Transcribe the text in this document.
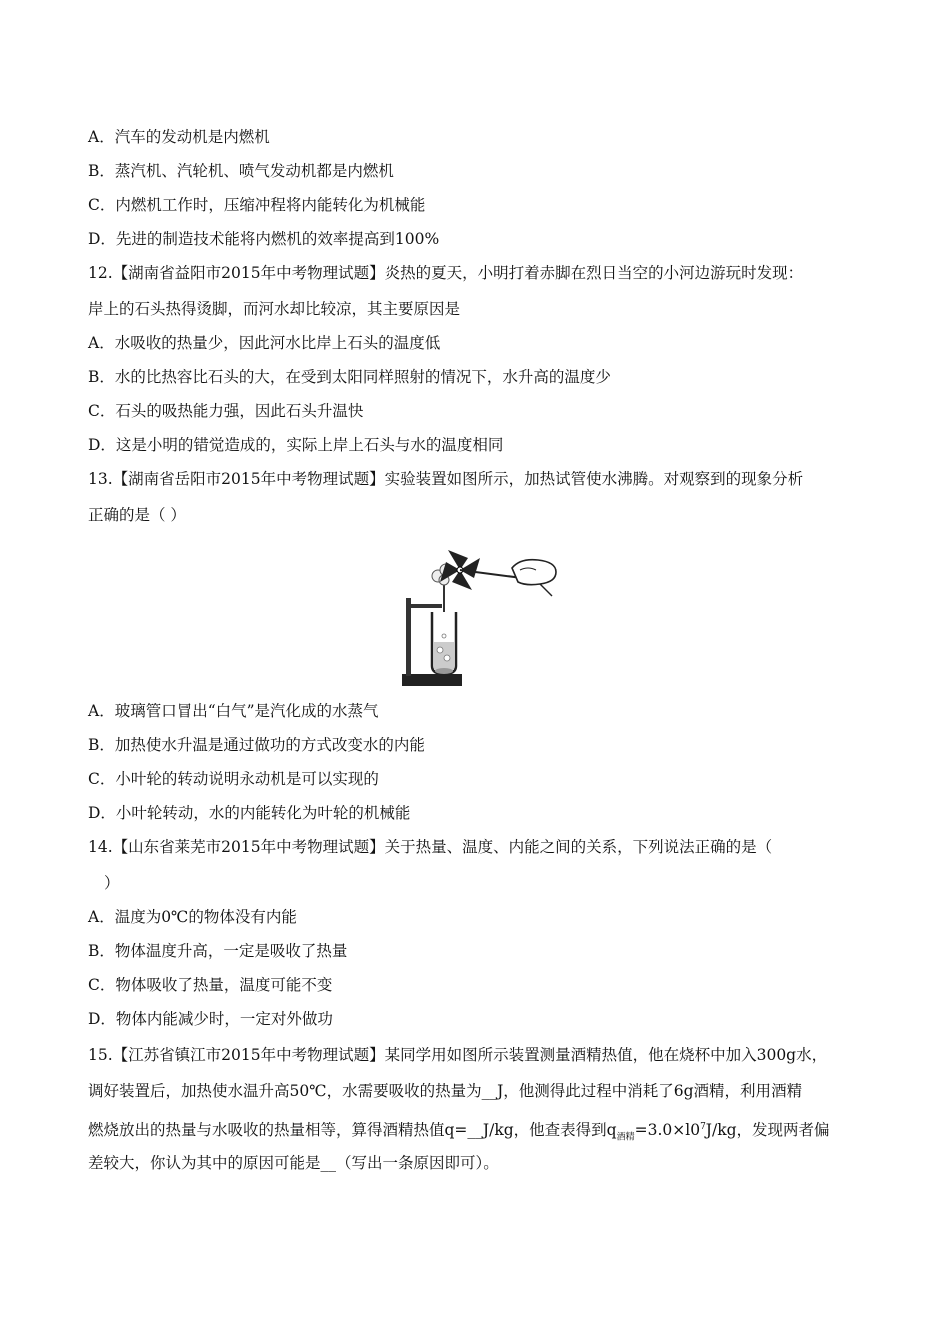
A．汽车的发动机是内燃机
B．蒸汽机、汽轮机、喷气发动机都是内燃机
C．内燃机工作时，压缩冲程将内能转化为机械能
D．先进的制造技术能将内燃机的效率提高到100%
12.【湖南省益阳市2015年中考物理试题】炎热的夏天，小明打着赤脚在烈日当空的小河边游玩时发现：
岸上的石头热得烫脚，而河水却比较凉，其主要原因是
A．水吸收的热量少，因此河水比岸上石头的温度低
B．水的比热容比石头的大，在受到太阳同样照射的情况下，水升高的温度少
C．石头的吸热能力强，因此石头升温快
D．这是小明的错觉造成的，实际上岸上石头与水的温度相同
13.【湖南省岳阳市2015年中考物理试题】实验装置如图所示，加热试管使水沸腾。对观察到的现象分析
正确的是（ ）
A．玻璃管口冒出“白气”是汽化成的水蒸气
B．加热使水升温是通过做功的方式改变水的内能
C．小叶轮的转动说明永动机是可以实现的
D．小叶轮转动，水的内能转化为叶轮的机械能
14.【山东省莱芜市2015年中考物理试题】关于热量、温度、内能之间的关系，下列说法正确的是（
）
A．温度为0℃的物体没有内能
B．物体温度升高，一定是吸收了热量
C．物体吸收了热量，温度可能不变
D．物体内能减少时，一定对外做功
15.【江苏省镇江市2015年中考物理试题】某同学用如图所示装置测量酒精热值，他在烧杯中加入300g水，
调好装置后，加热使水温升高50℃，水需要吸收的热量为__J，他测得此过程中消耗了6g酒精，利用酒精
燃烧放出的热量与水吸收的热量相等，算得酒精热值q=__J/kg，他查表得到$q_{酒精}=3.0\times l0^7J/kg$，发现两者偏
差较大，你认为其中的原因可能是__（写出一条原因即可）。
